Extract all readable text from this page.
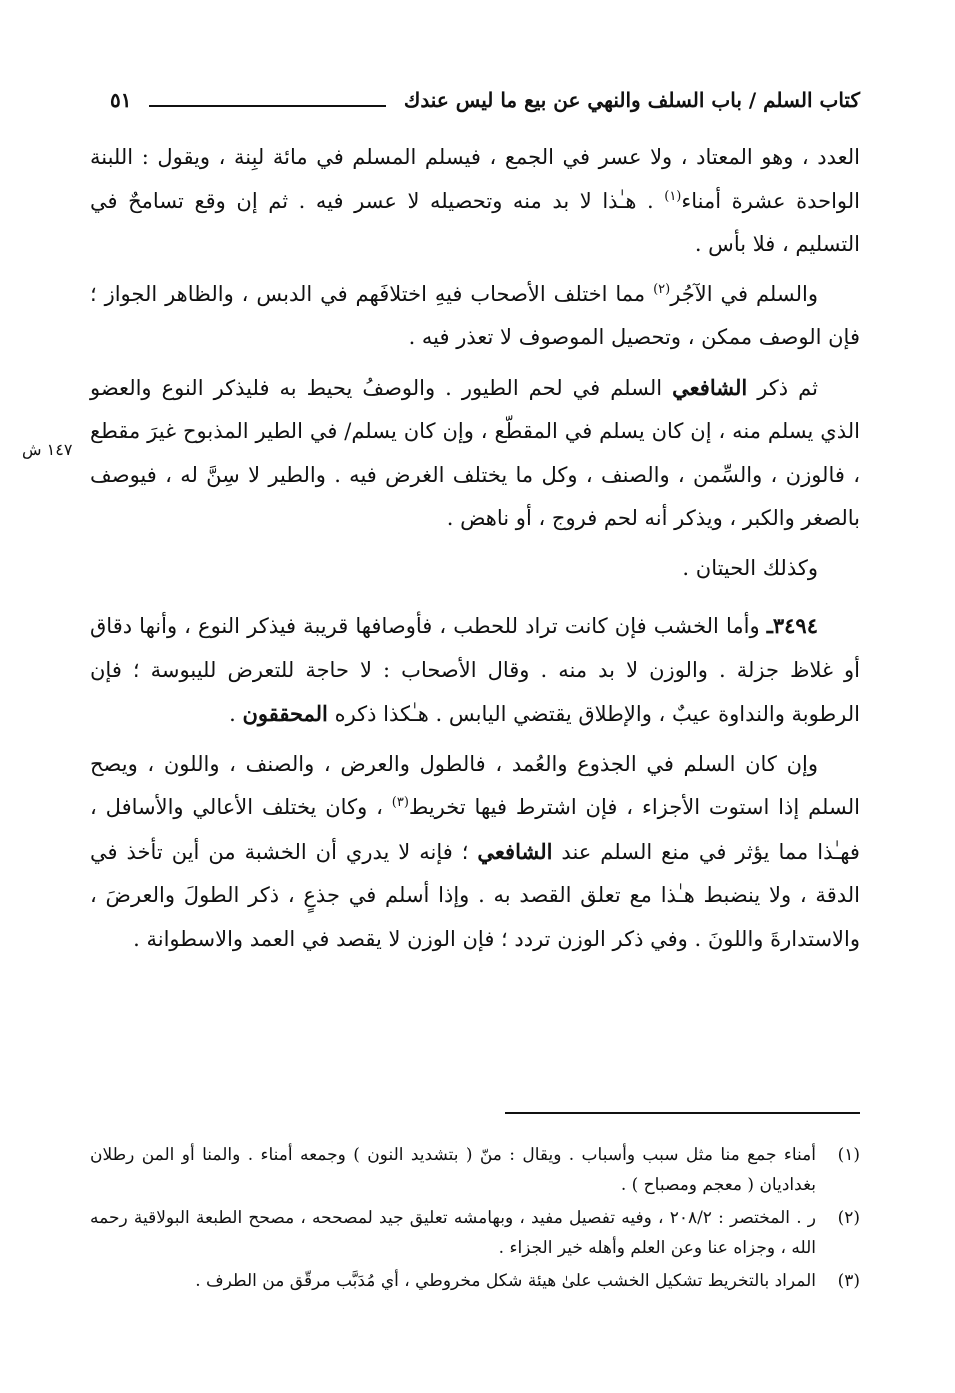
كتاب السلم / باب السلف والنهي عن بيع ما ليس عندك
٥١
١٤٧ ش

العدد ، وهو المعتاد ، ولا عسر في الجمع ، فيسلم المسلم في مائة لبِنة ، ويقول : اللبنة الواحدة عشرة أمناء$^{(١)}$ . هـٰذا لا بد منه وتحصيله لا عسر فيه . ثم إن وقع تسامحٌ في التسليم ، فلا بأس .

والسلم في الآجُر$^{(٢)}$ مما اختلف الأصحاب فيهِ اختلافَهم في الدبس ، والظاهر الجواز ؛ فإن الوصف ممكن ، وتحصيل الموصوف لا تعذر فيه .

ثم ذكر الشافعي السلم في لحم الطيور . والوصفُ يحيط به فليذكر النوع والعضو الذي يسلم منه ، إن كان يسلم في المقطّع ، وإن كان يسلم/ في الطير المذبوح غيرَ مقطع ، فالوزن ، والسِّمن ، والصنف ، وكل ما يختلف الغرض فيه . والطير لا سِنَّ له ، فيوصف بالصغر والكبر ، ويذكر أنه لحم فروج ، أو ناهض .

وكذلك الحيتان .

٣٤٩٤ـ وأما الخشب فإن كانت تراد للحطب ، فأوصافها قريبة فيذكر النوع ، وأنها دقاق أو غلاظ جزلة . والوزن لا بد منه . وقال الأصحاب : لا حاجة للتعرض لليبوسة ؛ فإن الرطوبة والنداوة عيبٌ ، والإطلاق يقتضي اليابس . هـٰكذا ذكره المحققون .

وإن كان السلم في الجذوع والعُمد ، فالطول والعرض ، والصنف ، واللون ، ويصح السلم إذا استوت الأجزاء ، فإن اشترط فيها تخريط$^{(٣)}$ ، وكان يختلف الأعالي والأسافل ، فهـٰذا مما يؤثر في منع السلم عند الشافعي ؛ فإنه لا يدري أن الخشبة من أين تأخذ في الدقة ، ولا ينضبط هـٰذا مع تعلق القصد به . وإذا أسلم في جذعٍ ، ذكر الطولَ والعرضَ ، والاستدارةَ واللونَ . وفي ذكر الوزن تردد ؛ فإن الوزن لا يقصد في العمد والاسطوانة .

(١)
أمناء جمع منا مثل سبب وأسباب . ويقال : منّ ( بتشديد النون ) وجمعه أمناء . والمنا أو المن رطلان بغداديان ( معجم ومصباح ) .
(٢)
ر . المختصر : ٢٠٨/٢ ، وفيه تفصيل مفيد ، وبهامشه تعليق جيد لمصححه ، مصحح الطبعة البولاقية رحمه الله ، وجزاه عنا وعن العلم وأهله خير الجزاء .
(٣)
المراد بالتخريط تشكيل الخشب علىٰ هيئة شكل مخروطي ، أي مُدَبَّب مرقّق من الطرف .
